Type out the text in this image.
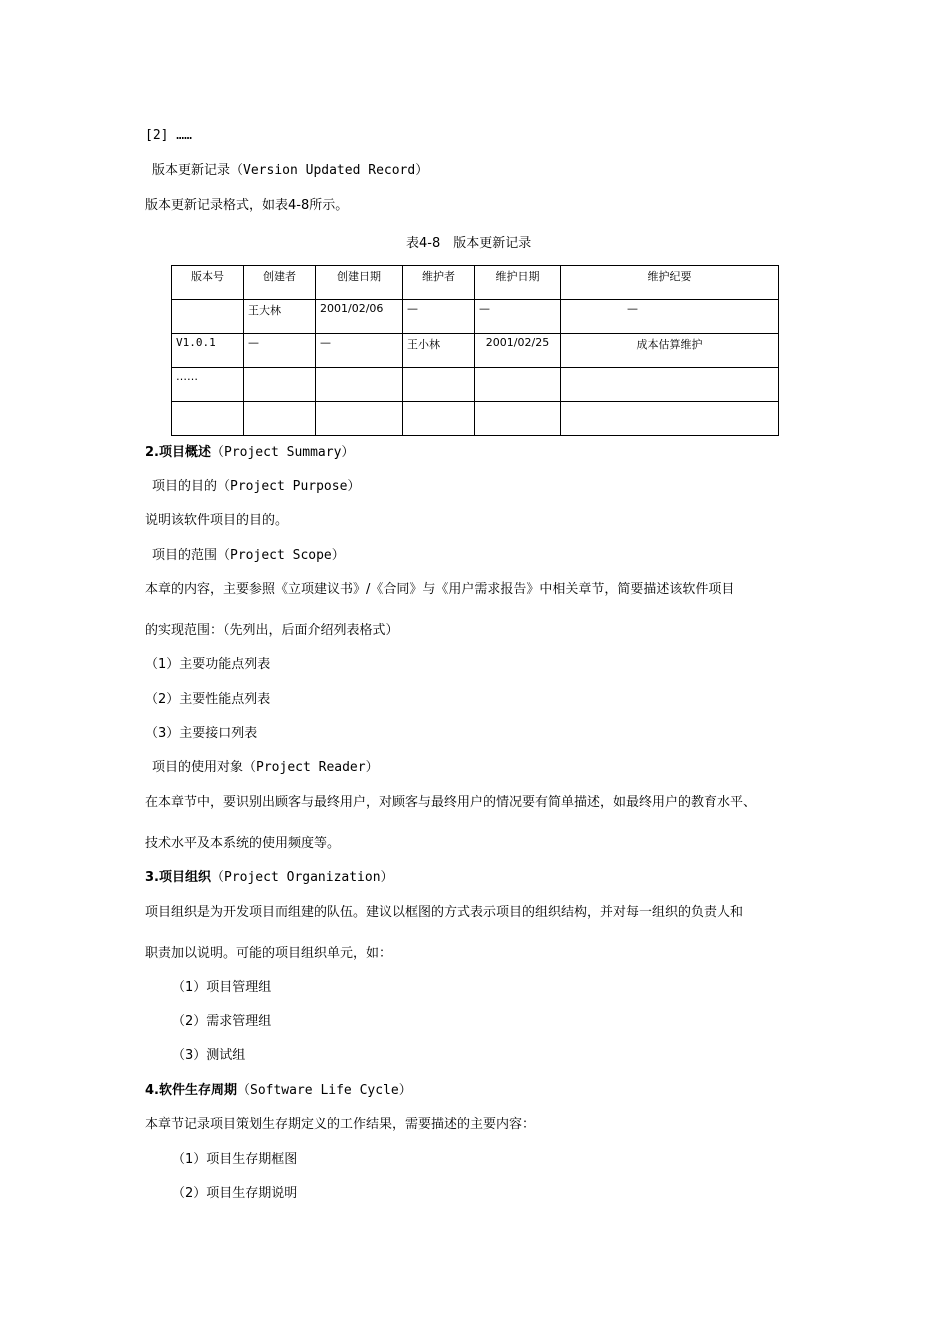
[2] ……
版本更新记录（Version Updated Record）
版本更新记录格式，如表4-8所示。
表4-8　版本更新记录
版本号	创建者	创建日期	维护者	维护日期	维护纪要
	王大林	2001/02/06	—	—	—
V1.0.1	—	—	王小林	2001/02/25	成本估算维护
……					

2.项目概述（Project Summary）
项目的目的（Project Purpose）
说明该软件项目的目的。
项目的范围（Project Scope）
本章的内容，主要参照《立项建议书》/《合同》与《用户需求报告》中相关章节，简要描述该软件项目
的实现范围：（先列出，后面介绍列表格式）
（1）主要功能点列表
（2）主要性能点列表
（3）主要接口列表
项目的使用对象（Project Reader）
在本章节中，要识别出顾客与最终用户，对顾客与最终用户的情况要有简单描述，如最终用户的教育水平、
技术水平及本系统的使用频度等。
3.项目组织（Project Organization）
项目组织是为开发项目而组建的队伍。建议以框图的方式表示项目的组织结构，并对每一组织的负责人和
职责加以说明。可能的项目组织单元，如：
（1）项目管理组
（2）需求管理组
（3）测试组
4.软件生存周期（Software Life Cycle）
本章节记录项目策划生存期定义的工作结果，需要描述的主要内容：
（1）项目生存期框图
（2）项目生存期说明
